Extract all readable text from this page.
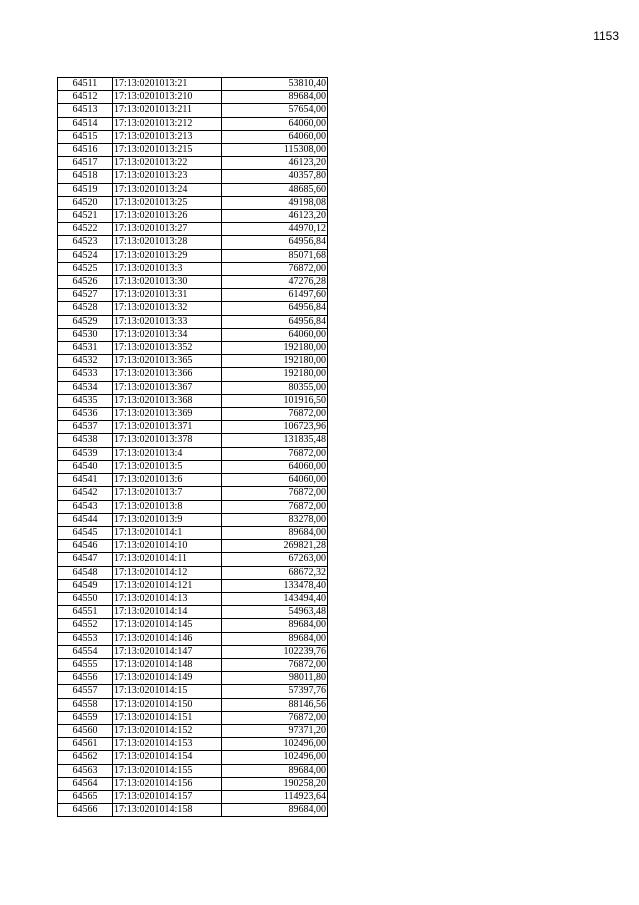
1153
64511	17:13:0201013:21	53810,40
64512	17:13:0201013:210	89684,00
64513	17:13:0201013:211	57654,00
64514	17:13:0201013:212	64060,00
64515	17:13:0201013:213	64060,00
64516	17:13:0201013:215	115308,00
64517	17:13:0201013:22	46123,20
64518	17:13:0201013:23	40357,80
64519	17:13:0201013:24	48685,60
64520	17:13:0201013:25	49198,08
64521	17:13:0201013:26	46123,20
64522	17:13:0201013:27	44970,12
64523	17:13:0201013:28	64956,84
64524	17:13:0201013:29	85071,68
64525	17:13:0201013:3	76872,00
64526	17:13:0201013:30	47276,28
64527	17:13:0201013:31	61497,60
64528	17:13:0201013:32	64956,84
64529	17:13:0201013:33	64956,84
64530	17:13:0201013:34	64060,00
64531	17:13:0201013:352	192180,00
64532	17:13:0201013:365	192180,00
64533	17:13:0201013:366	192180,00
64534	17:13:0201013:367	80355,00
64535	17:13:0201013:368	101916,50
64536	17:13:0201013:369	76872,00
64537	17:13:0201013:371	106723,96
64538	17:13:0201013:378	131835,48
64539	17:13:0201013:4	76872,00
64540	17:13:0201013:5	64060,00
64541	17:13:0201013:6	64060,00
64542	17:13:0201013:7	76872,00
64543	17:13:0201013:8	76872,00
64544	17:13:0201013:9	83278,00
64545	17:13:0201014:1	89684,00
64546	17:13:0201014:10	269821,28
64547	17:13:0201014:11	67263,00
64548	17:13:0201014:12	68672,32
64549	17:13:0201014:121	133478,40
64550	17:13:0201014:13	143494,40
64551	17:13:0201014:14	54963,48
64552	17:13:0201014:145	89684,00
64553	17:13:0201014:146	89684,00
64554	17:13:0201014:147	102239,76
64555	17:13:0201014:148	76872,00
64556	17:13:0201014:149	98011,80
64557	17:13:0201014:15	57397,76
64558	17:13:0201014:150	88146,56
64559	17:13:0201014:151	76872,00
64560	17:13:0201014:152	97371,20
64561	17:13:0201014:153	102496,00
64562	17:13:0201014:154	102496,00
64563	17:13:0201014:155	89684,00
64564	17:13:0201014:156	190258,20
64565	17:13:0201014:157	114923,64
64566	17:13:0201014:158	89684,00
